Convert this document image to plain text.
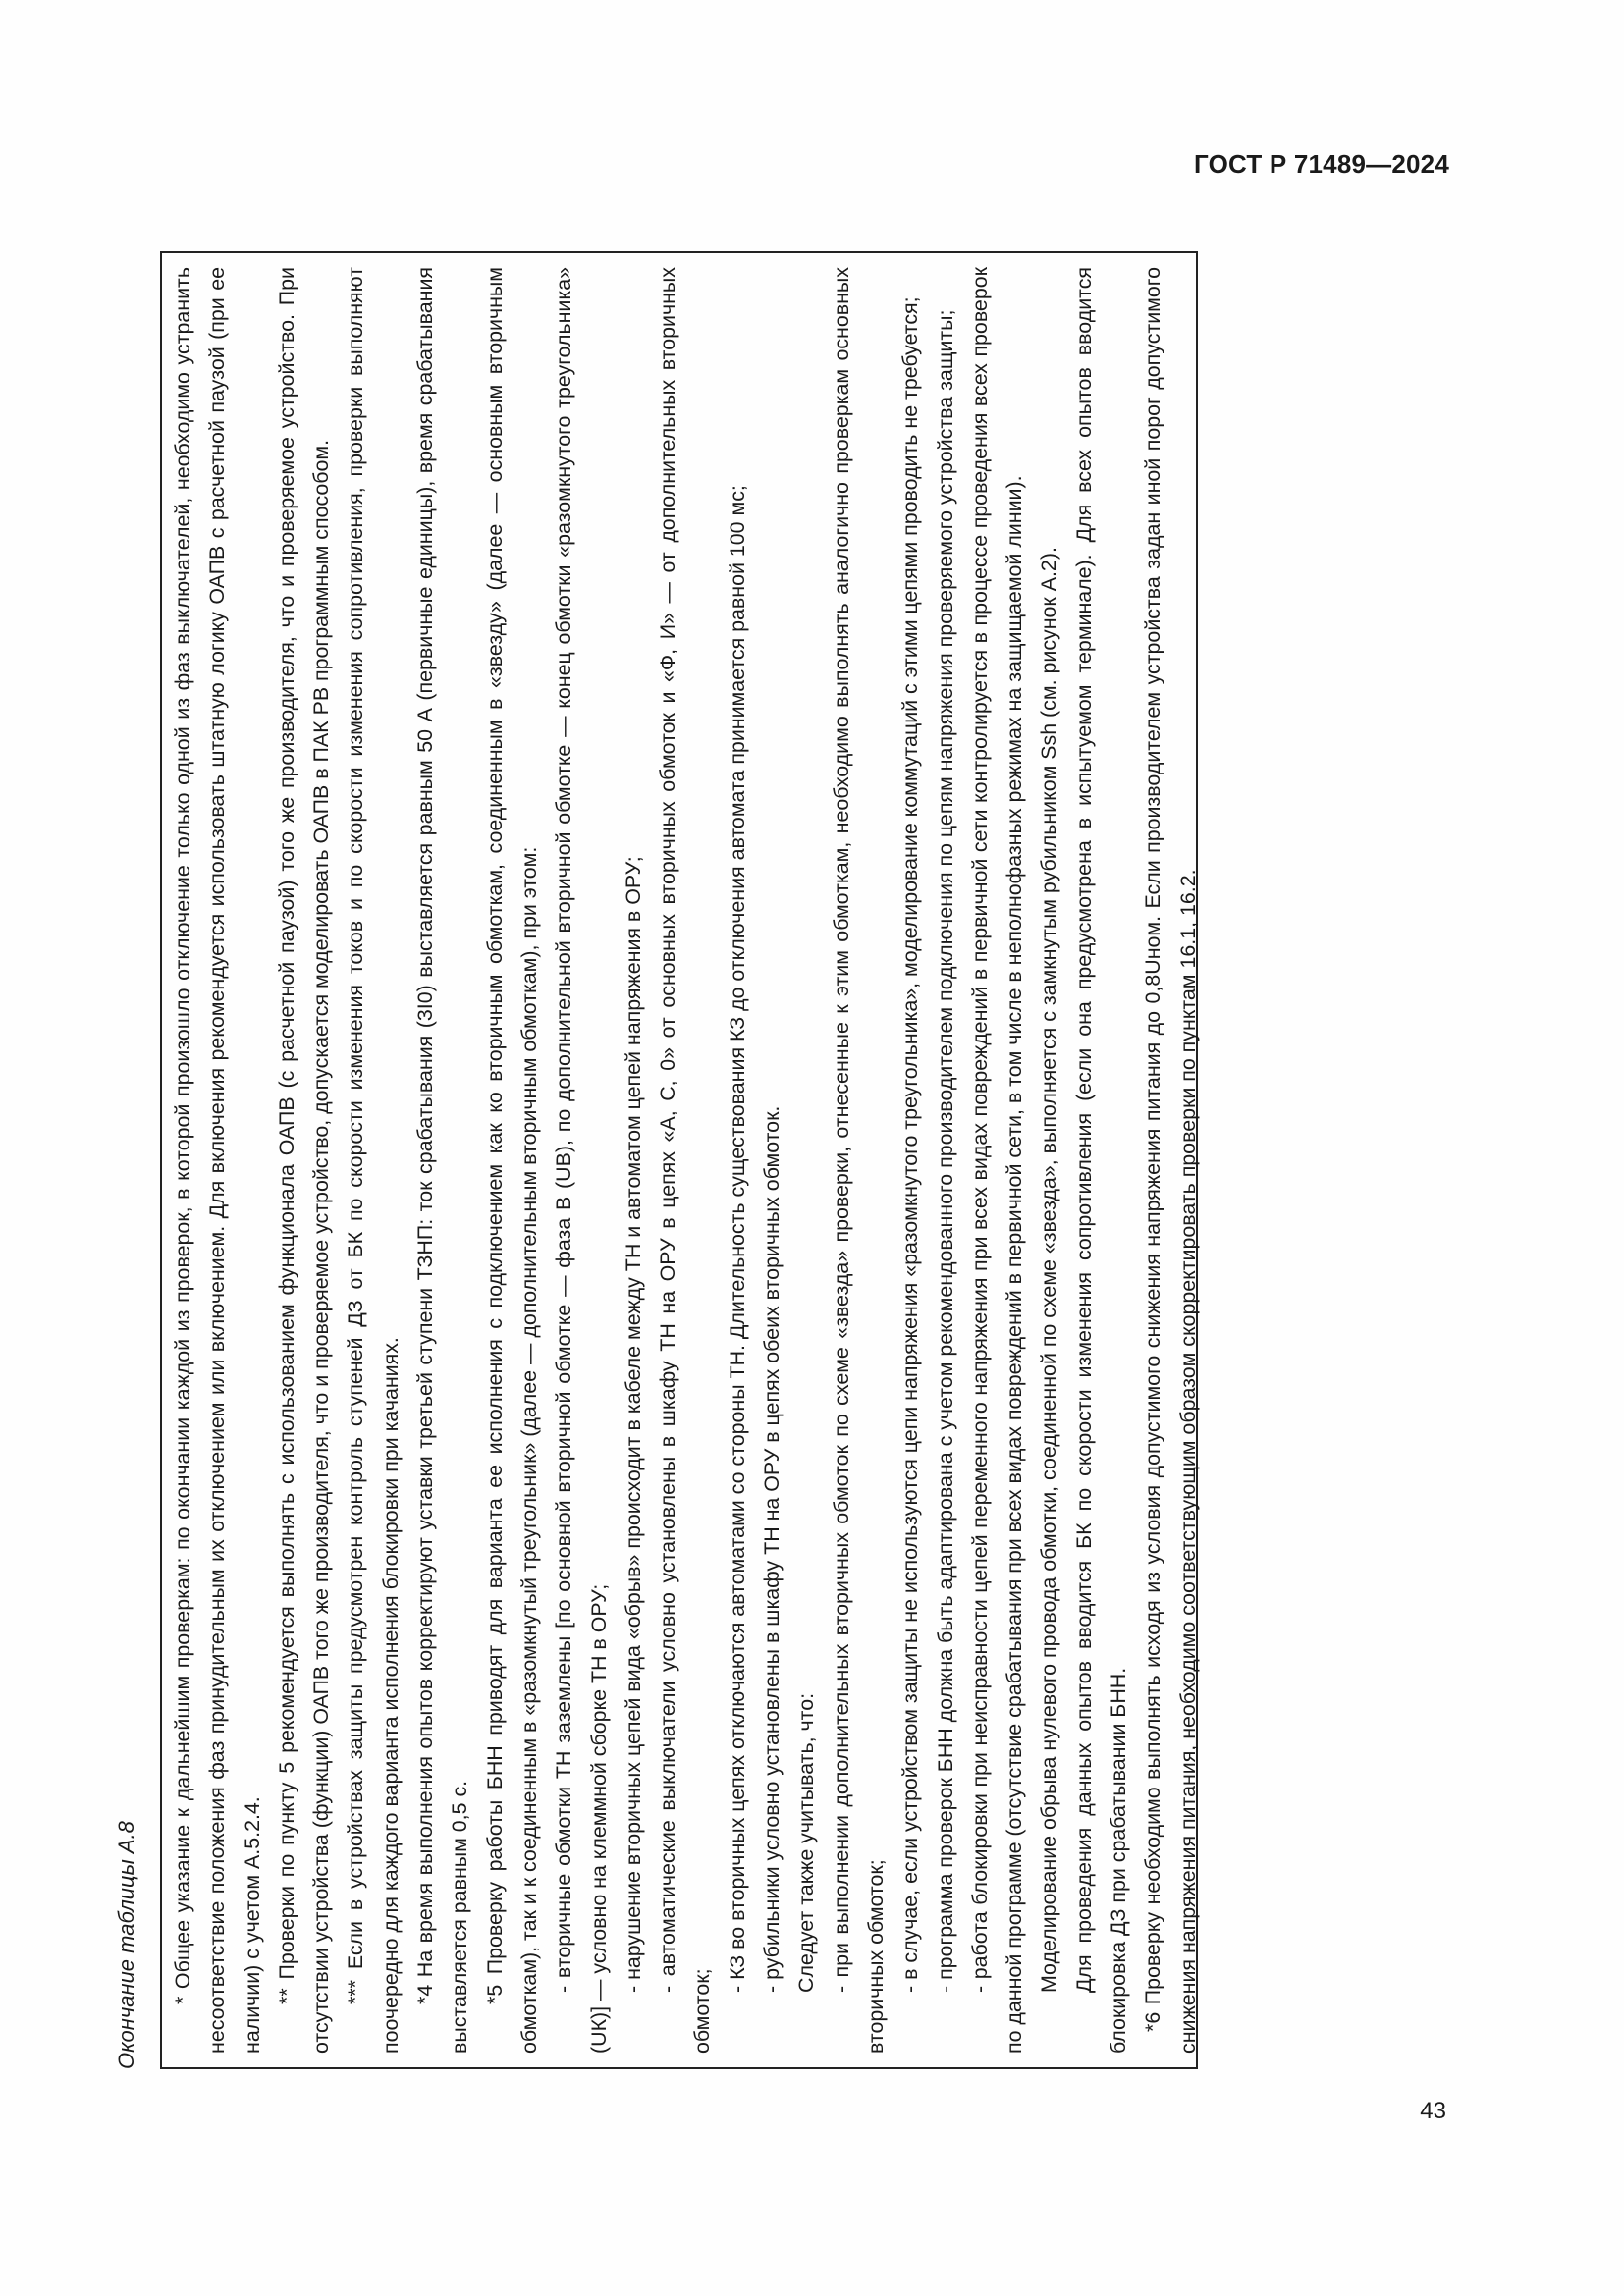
ГОСТ Р 71489—2024
43
Окончание таблицы А.8 * Общее указание к дальнейшим проверкам: по окончании каждой из проверок, в которой произошло отключение только одной из фаз выключателей, необходимо устранить несоответствие положения фаз принудительным их отключением или включением. Для включения рекомендуется использовать штатную логику ОАПВ с расчетной паузой (при ее наличии) с учетом А.5.2.4. ** Проверки по пункту 5 рекомендуется выполнять с использованием функционала ОАПВ (с расчетной паузой) того же производителя, что и проверяемое устройство. При отсутствии устройства (функции) ОАПВ того же производителя, что и проверяемое устройство, допускается моделировать ОАПВ в ПАК РВ программным способом. *** Если в устройствах защиты предусмотрен контроль ступеней ДЗ от БК по скорости изменения токов и по скорости изменения сопротивления, проверки выполняют поочередно для каждого варианта исполнения блокировки при качаниях. *4 На время выполнения опытов корректируют уставки третьей ступени ТЗНП: ток срабатывания (3I0) выставляется равным 50 А (первичные единицы), время срабатывания выставляется равным 0,5 с. *5 Проверку работы БНН приводят для варианта ее исполнения с подключением как ко вторичным обмоткам, соединенным в «звезду» (далее — основным вторичным обмоткам), так и к соединенным в «разомкнутый треугольник» (далее — дополнительным вторичным обмоткам), при этом: - вторичные обмотки ТН заземлены [по основной вторичной обмотке — фаза В (UВ), по дополнительной вторичной обмотке — конец обмотки «разомкнутого треугольника» (UК)] — условно на клеммной сборке ТН в ОРУ; - нарушение вторичных цепей вида «обрыв» происходит в кабеле между ТН и автоматом цепей напряжения в ОРУ; - автоматические выключатели условно установлены в шкафу ТН на ОРУ в цепях «А, С, 0» от основных вторичных обмоток и «Ф, И» — от дополнительных вторичных обмоток;

- КЗ во вторичных цепях отключаются автоматами со стороны ТН. Длительность существования КЗ до отключения автомата принимается равной 100 мс; - рубильники условно установлены в шкафу ТН на ОРУ в цепях обеих вторичных обмоток. Следует также учитывать, что: - при выполнении дополнительных вторичных обмоток по схеме «звезда» проверки, отнесенные к этим обмоткам, необходимо выполнять аналогично проверкам основных вторичных обмоток; - в случае, если устройством защиты не используются цепи напряжения «разомкнутого треугольника», моделирование коммутаций с этими цепями проводить не требуется; - программа проверок БНН должна быть адаптирована с учетом рекомендованного производителем подключения по цепям напряжения проверяемого устройства защиты; - работа блокировки при неисправности цепей переменного напряжения при всех видах повреждений в первичной сети контролируется в процессе проведения всех проверок по данной программе (отсутствие срабатывания при всех видах повреждений в первичной сети, в том числе в неполнофазных режимах на защищаемой линии). Моделирование обрыва нулевого провода обмотки, соединенной по схеме «звезда», выполняется с замкнутым рубильником Ssh (см. рисунок А.2). Для проведения данных опытов вводится БК по скорости изменения сопротивления (если она предусмотрена в испытуемом терминале). Для всех опытов вводится блокировка ДЗ при срабатывании БНН. *6 Проверку необходимо выполнять исходя из условия допустимого снижения напряжения питания до 0,8Uном. Если производителем устройства задан иной порог допустимого снижения напряжения питания, необходимо соответствующим образом скорректировать проверки по пунктам 16.1, 16.2.
